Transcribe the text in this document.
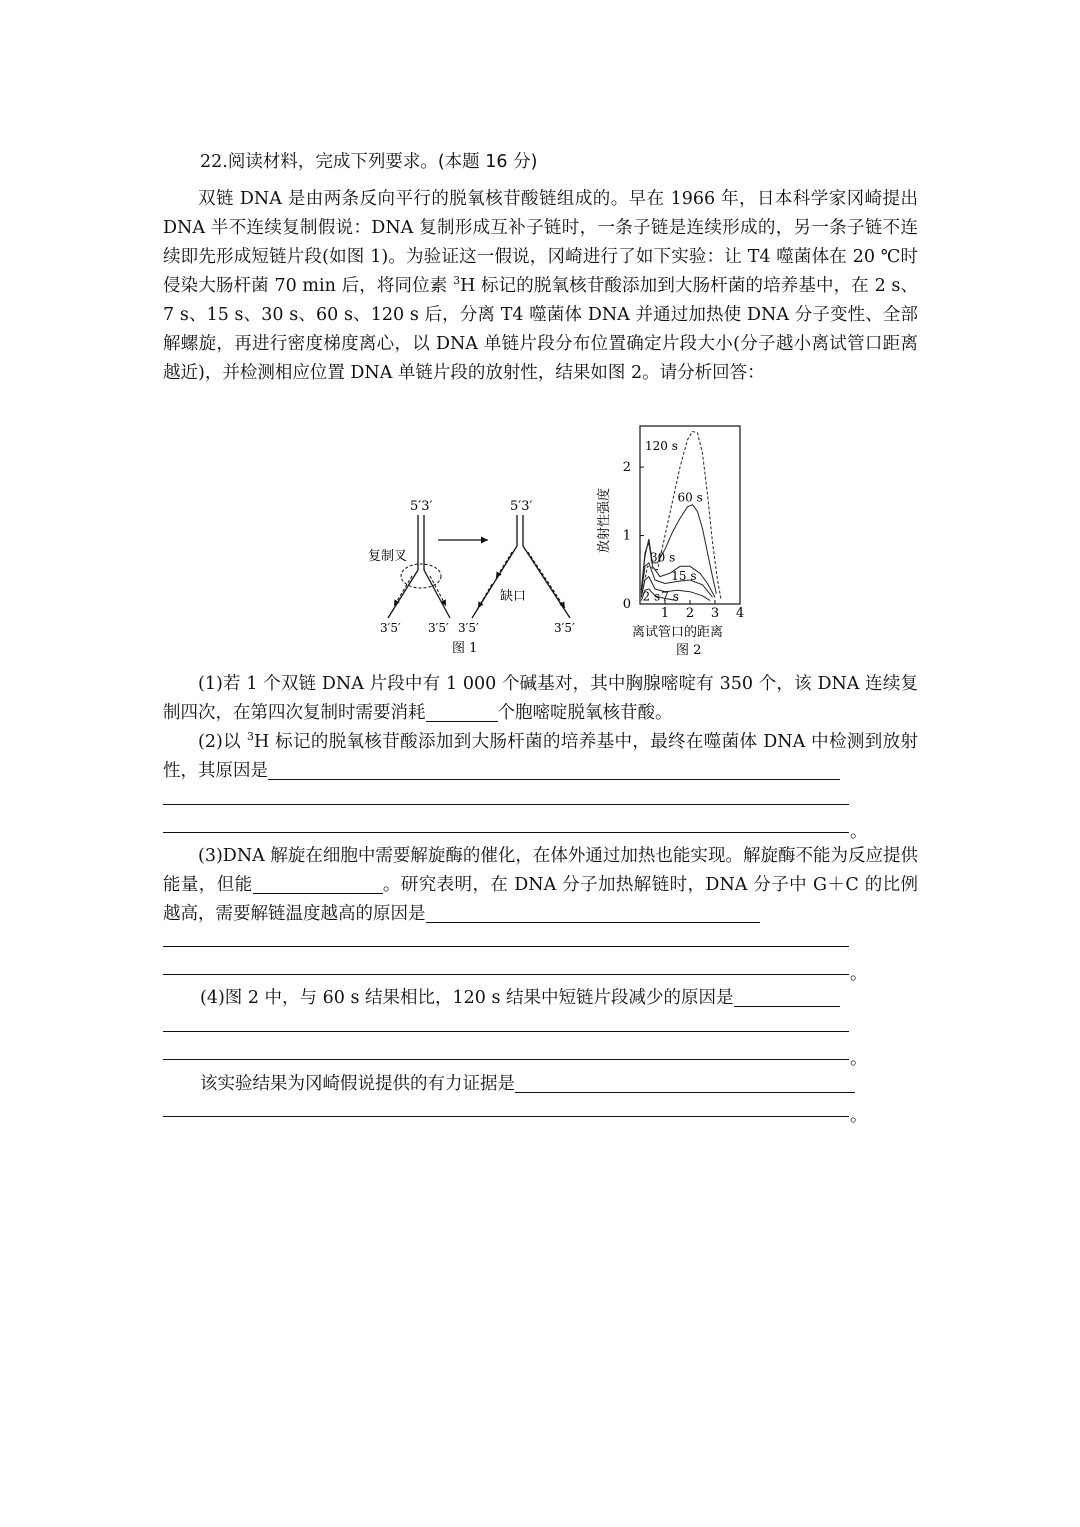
22.阅读材料，完成下列要求。(本题 16 分)
双链 DNA 是由两条反向平行的脱氧核苷酸链组成的。早在 1966 年，日本科学家冈崎提出 DNA 半不连续复制假说：DNA 复制形成互补子链时，一条子链是连续形成的，另一条子链不连续即先形成短链片段(如图 1)。为验证这一假说，冈崎进行了如下实验：让 T4 噬菌体在 20 ℃时侵染大肠杆菌 70 min 后，将同位素 $^3$H 标记的脱氧核苷酸添加到大肠杆菌的培养基中，在 2 s、7 s、15 s、30 s、60 s、120 s 后，分离 T4 噬菌体 DNA 并通过加热使 DNA 分子变性、全部解螺旋，再进行密度梯度离心，以 DNA 单链片段分布位置确定片段大小(分子越小离试管口距离越近)，并检测相应位置 DNA 单链片段的放射性，结果如图 2。请分析回答：
5′3′
复制叉
3′5′ 3′5′
5′3′
缺口
3′5′	3′5′
图 1
0
1
2
1 2 3 4
120 s
60 s
30 s
15 s
7 s
2 s
放射性强度
离试管口的距离
图 2
(1)若 1 个双链 DNA 片段中有 1 000 个碱基对，其中胸腺嘧啶有 350 个，该 DNA 连续复制四次，在第四次复制时需要消耗	个胞嘧啶脱氧核苷酸。
(2)以 $^3$H 标记的脱氧核苷酸添加到大肠杆菌的培养基中，最终在噬菌体 DNA 中检测到放射性，其原因是
。
(3)DNA 解旋在细胞中需要解旋酶的催化，在体外通过加热也能实现。解旋酶不能为反应提供能量，但能	。研究表明，在 DNA 分子加热解链时，DNA 分子中 G＋C 的比例越高，需要解链温度越高的原因是
。
(4)图 2 中，与 60 s 结果相比，120 s 结果中短链片段减少的原因是
。
该实验结果为冈崎假说提供的有力证据是
。
